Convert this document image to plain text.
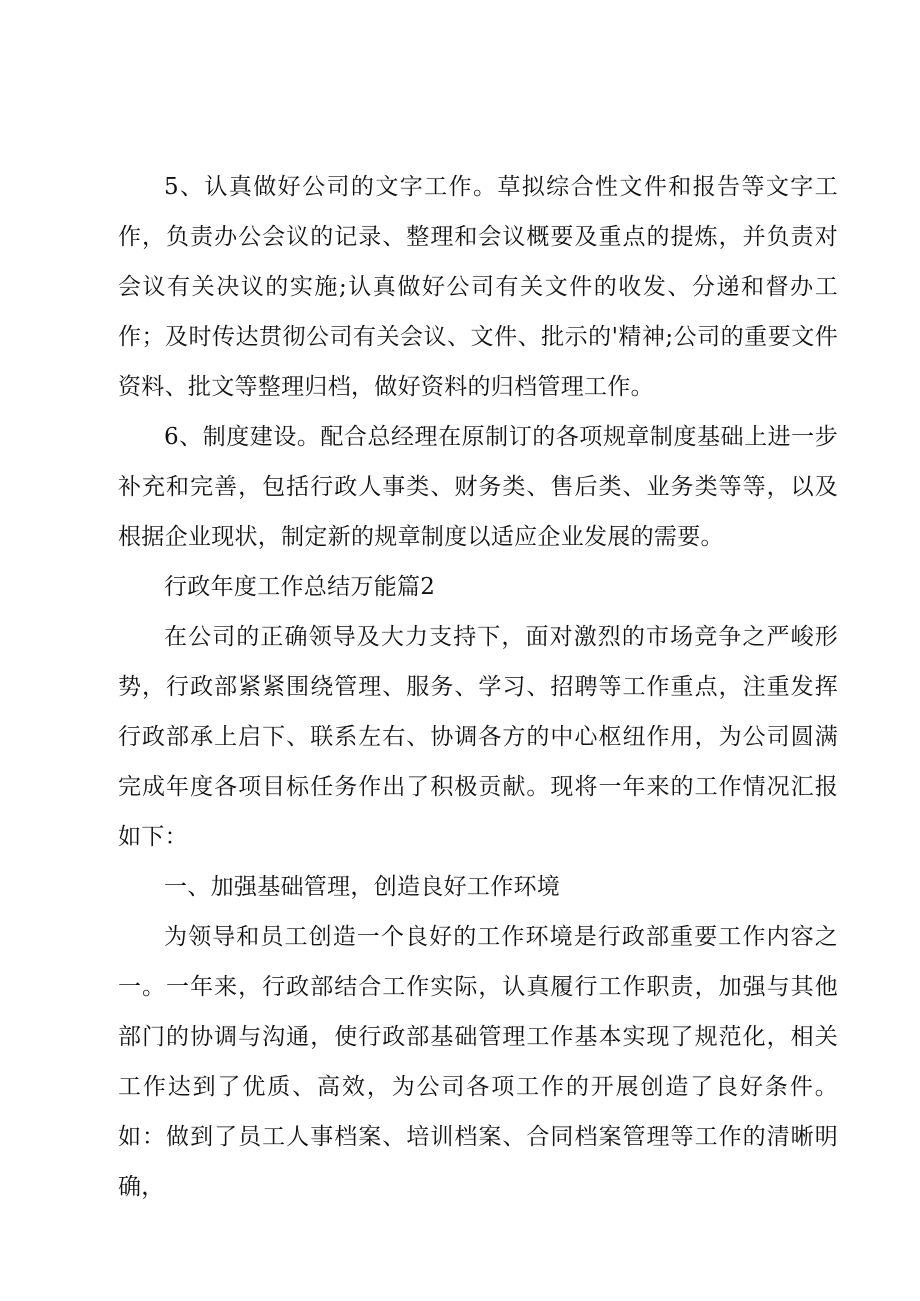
5、认真做好公司的文字工作。草拟综合性文件和报告等文字工作，负责办公会议的记录、整理和会议概要及重点的提炼，并负责对会议有关决议的实施;认真做好公司有关文件的收发、分递和督办工作；及时传达贯彻公司有关会议、文件、批示的'精神;公司的重要文件资料、批文等整理归档，做好资料的归档管理工作。

6、制度建设。配合总经理在原制订的各项规章制度基础上进一步补充和完善，包括行政人事类、财务类、售后类、业务类等等，以及根据企业现状，制定新的规章制度以适应企业发展的需要。

行政年度工作总结万能篇2

在公司的正确领导及大力支持下，面对激烈的市场竞争之严峻形势，行政部紧紧围绕管理、服务、学习、招聘等工作重点，注重发挥行政部承上启下、联系左右、协调各方的中心枢纽作用，为公司圆满完成年度各项目标任务作出了积极贡献。现将一年来的工作情况汇报如下：

一、加强基础管理，创造良好工作环境

为领导和员工创造一个良好的工作环境是行政部重要工作内容之一。一年来，行政部结合工作实际，认真履行工作职责，加强与其他部门的协调与沟通，使行政部基础管理工作基本实现了规范化，相关工作达到了优质、高效，为公司各项工作的开展创造了良好条件。如：做到了员工人事档案、培训档案、合同档案管理等工作的清晰明确，
